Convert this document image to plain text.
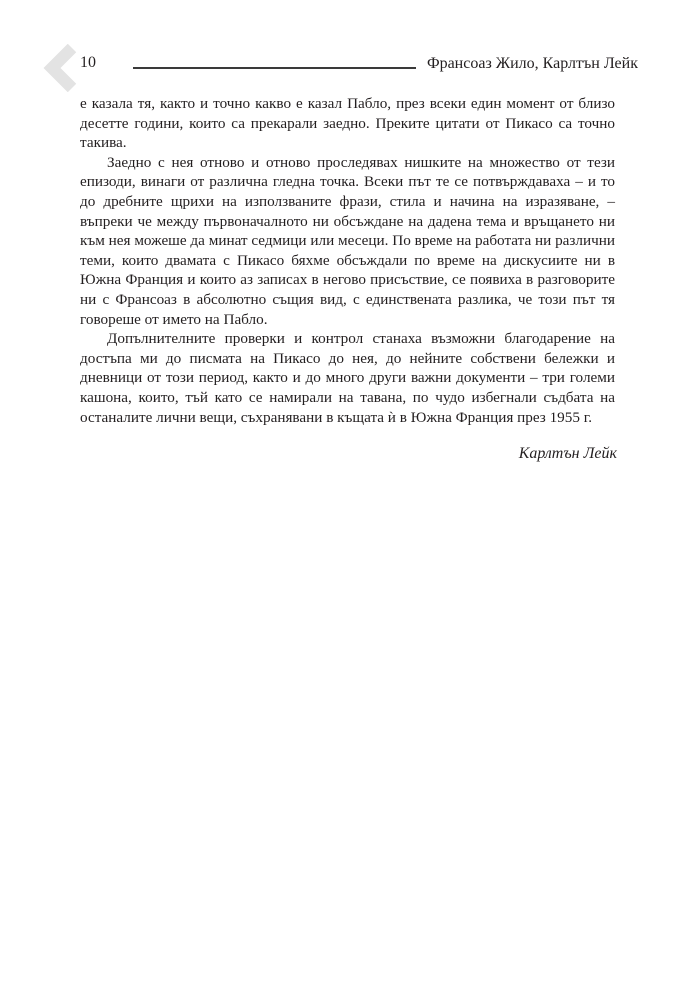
10	Франсоаз Жило, Карлтън Лейк

е казала тя, както и точно какво е казал Пабло, през всеки един момент от близо десетте години, които са прекарали заедно. Преките цитати от Пикасо са точно такива.

Заедно с нея отново и отново проследявах нишките на множество от тези епизоди, винаги от различна гледна точка. Всеки път те се потвърждаваха – и то до дребните щрихи на използваните фрази, стила и начина на изразяване, – въпреки че между първоначалното ни обсъждане на дадена тема и връщането ни към нея можеше да минат седмици или месеци. По време на работата ни различни теми, които двамата с Пикасо бяхме обсъждали по време на дискусиите ни в Южна Франция и които аз записах в негово присъствие, се появиха в разговорите ни с Франсоаз в абсолютно същия вид, с единствената разлика, че този път тя говореше от името на Пабло.

Допълнителните проверки и контрол станаха възможни благодарение на достъпа ми до писмата на Пикасо до нея, до нейните собствени бележки и дневници от този период, както и до много други важни документи – три големи кашона, които, тъй като се намирали на тавана, по чудо избегнали съдбата на останалите лични вещи, съхранявани в къщата ѝ в Южна Франция през 1955 г.

Карлтън Лейк
